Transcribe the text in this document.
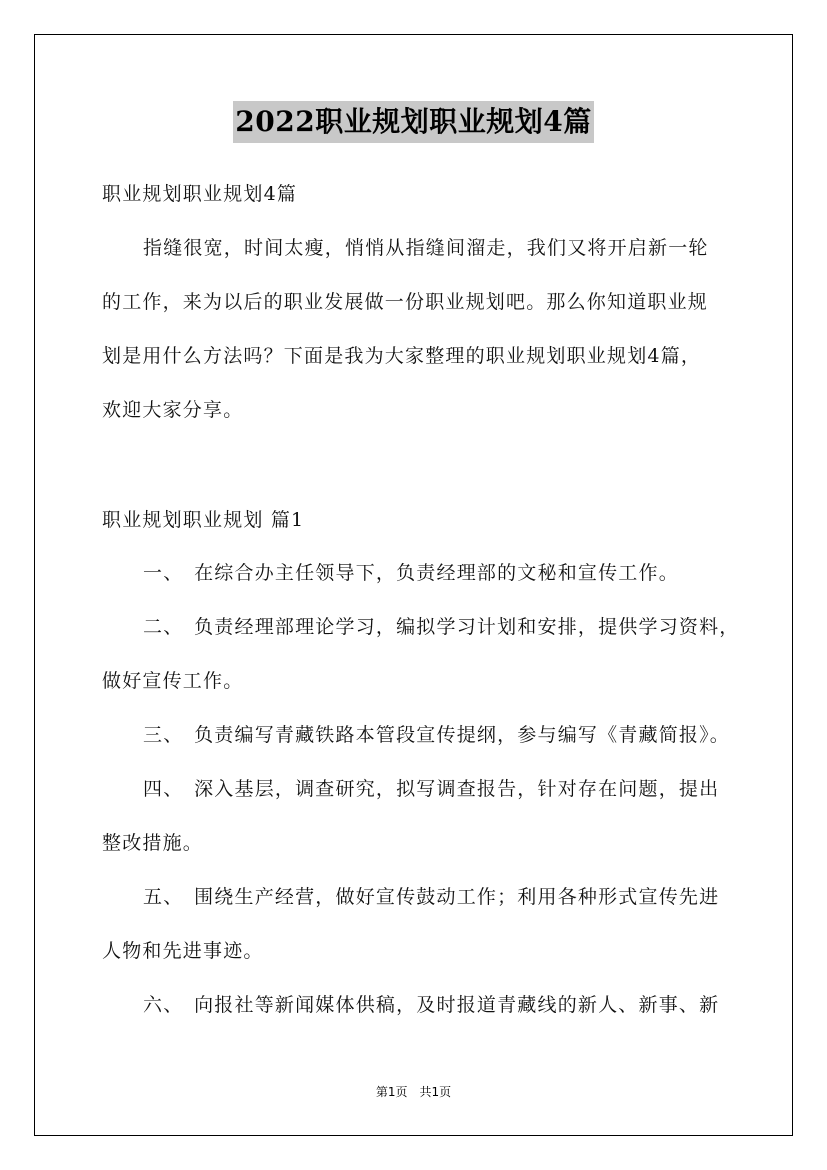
2022职业规划职业规划4篇
职业规划职业规划4篇
指缝很宽，时间太瘦，悄悄从指缝间溜走，我们又将开启新一轮
的工作，来为以后的职业发展做一份职业规划吧。那么你知道职业规
划是用什么方法吗？下面是我为大家整理的职业规划职业规划4篇，
欢迎大家分享。
职业规划职业规划 篇1
一、　在综合办主任领导下，负责经理部的文秘和宣传工作。
二、　负责经理部理论学习，编拟学习计划和安排，提供学习资料，
做好宣传工作。
三、　负责编写青藏铁路本管段宣传提纲，参与编写《青藏简报》。
四、　深入基层，调查研究，拟写调查报告，针对存在问题，提出
整改措施。
五、　围绕生产经营，做好宣传鼓动工作；利用各种形式宣传先进
人物和先进事迹。
六、　向报社等新闻媒体供稿，及时报道青藏线的新人、新事、新
第1页　共1页
